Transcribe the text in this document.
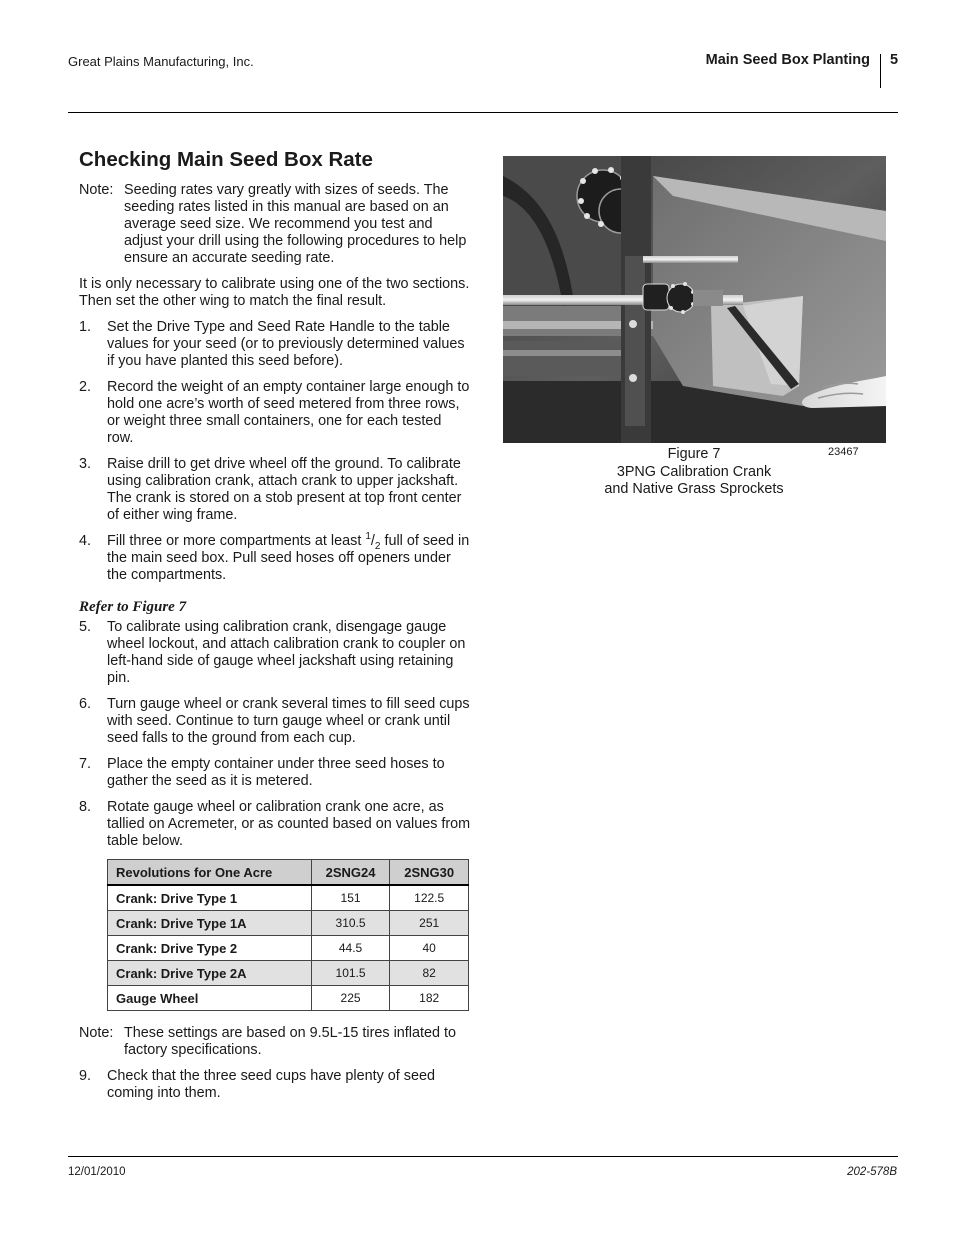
Great Plains Manufacturing, Inc.	Main Seed Box Planting 5
Checking Main Seed Box Rate
Note: Seeding rates vary greatly with sizes of seeds. The seeding rates listed in this manual are based on an average seed size. We recommend you test and adjust your drill using the following procedures to help ensure an accurate seeding rate.

It is only necessary to calibrate using one of the two sections. Then set the other wing to match the final result.

1.	Set the Drive Type and Seed Rate Handle to the table values for your seed (or to previously determined values if you have planted this seed before).
2.	Record the weight of an empty container large enough to hold one acre’s worth of seed metered from three rows, or weight three small containers, one for each tested row.
3.	Raise drill to get drive wheel off the ground. To calibrate using calibration crank, attach crank to upper jackshaft. The crank is stored on a stob present at top front center of either wing frame.
4.	Fill three or more compartments at least $^1/_2$ full of seed in the main seed box. Pull seed hoses off openers under the compartments.
Refer to Figure 7
5.	To calibrate using calibration crank, disengage gauge wheel lockout, and attach calibration crank to coupler on left-hand side of gauge wheel jackshaft using retaining pin.
6.	Turn gauge wheel or crank several times to fill seed cups with seed. Continue to turn gauge wheel or crank until seed falls to the ground from each cup.
7.	Place the empty container under three seed hoses to gather the seed as it is metered.
8.	Rotate gauge wheel or calibration crank one acre, as tallied on Acremeter, or as counted based on values from table below.
Revolutions for One Acre	2SNG24	2SNG30
Crank: Drive Type 1	151	122.5
Crank: Drive Type 1A	310.5	251
Crank: Drive Type 2	44.5	40
Crank: Drive Type 2A	101.5	82
Gauge Wheel	225	182
Note: These settings are based on 9.5L-15 tires inflated to factory specifications.
9.	Check that the three seed cups have plenty of seed coming into them.
23467
Figure 7
3PNG Calibration Crank
and Native Grass Sprockets
12/01/2010	202-578B
